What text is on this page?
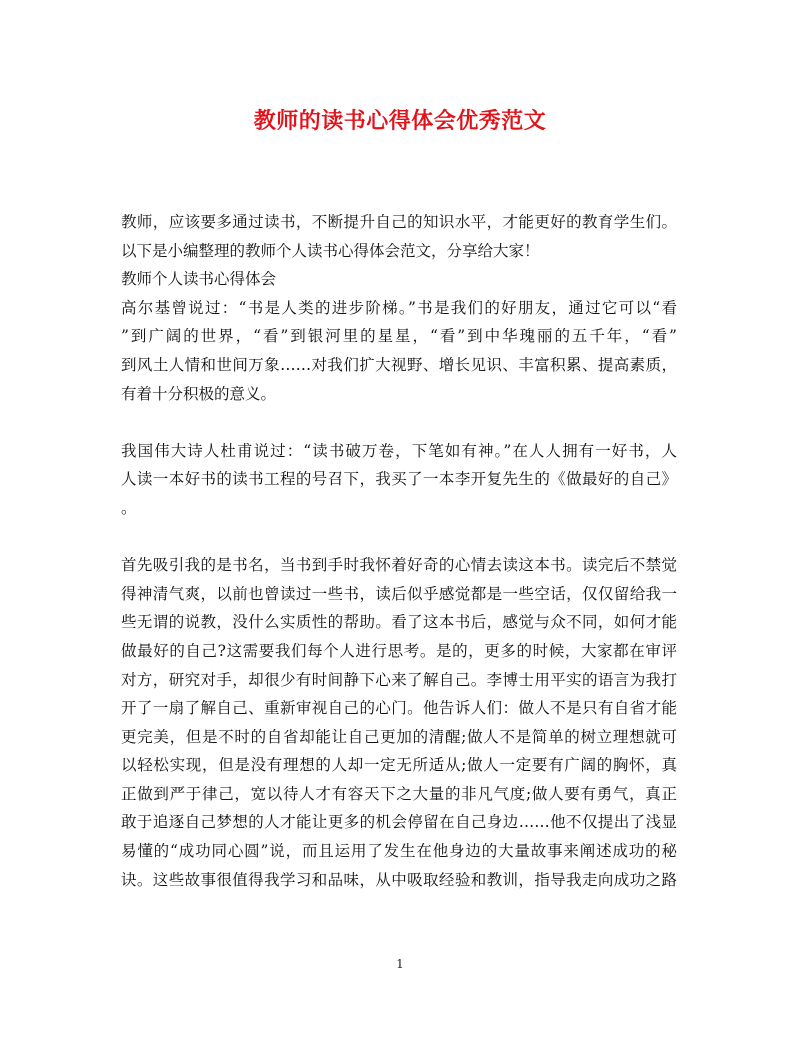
教师的读书心得体会优秀范文
教师，应该要多通过读书，不断提升自己的知识水平，才能更好的教育学生们。
以下是小编整理的教师个人读书心得体会范文，分享给大家！
教师个人读书心得体会
高尔基曾说过：“书是人类的进步阶梯。”书是我们的好朋友，通过它可以“看
”到广阔的世界，“看”到银河里的星星，“看”到中华瑰丽的五千年，“看”
到风土人情和世间万象……对我们扩大视野、增长见识、丰富积累、提高素质，
有着十分积极的意义。
我国伟大诗人杜甫说过：“读书破万卷，下笔如有神。”在人人拥有一好书，人
人读一本好书的读书工程的号召下，我买了一本李开复先生的《做最好的自己》
。
首先吸引我的是书名，当书到手时我怀着好奇的心情去读这本书。读完后不禁觉
得神清气爽，以前也曾读过一些书，读后似乎感觉都是一些空话，仅仅留给我一
些无谓的说教，没什么实质性的帮助。看了这本书后，感觉与众不同，如何才能
做最好的自己?这需要我们每个人进行思考。是的，更多的时候，大家都在审评
对方，研究对手，却很少有时间静下心来了解自己。李博士用平实的语言为我打
开了一扇了解自己、重新审视自己的心门。他告诉人们：做人不是只有自省才能
更完美，但是不时的自省却能让自己更加的清醒;做人不是简单的树立理想就可
以轻松实现，但是没有理想的人却一定无所适从;做人一定要有广阔的胸怀，真
正做到严于律己，宽以待人才有容天下之大量的非凡气度;做人要有勇气，真正
敢于追逐自己梦想的人才能让更多的机会停留在自己身边……他不仅提出了浅显
易懂的“成功同心圆”说，而且运用了发生在他身边的大量故事来阐述成功的秘
诀。这些故事很值得我学习和品味，从中吸取经验和教训，指导我走向成功之路
1
